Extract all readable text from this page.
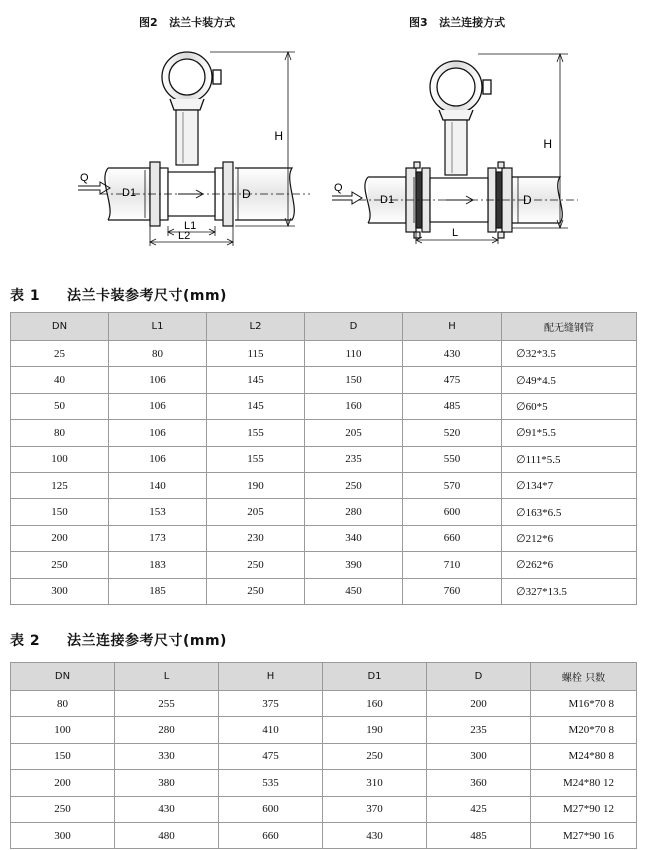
图2   法兰卡装方式	图3   法兰连接方式
H
Q
D1	D
L1
L2
H
Q
D1	D
L
表 1     法兰卡装参考尺寸(mm)
DN	L1	L2	D	H	配无缝钢管
25	80	115	110	430	∅32*3.5
40	106	145	150	475	∅49*4.5
50	106	145	160	485	∅60*5
80	106	155	205	520	∅91*5.5
100	106	155	235	550	∅111*5.5
125	140	190	250	570	∅134*7
150	153	205	280	600	∅163*6.5
200	173	230	340	660	∅212*6
250	183	250	390	710	∅262*6
300	185	250	450	760	∅327*13.5
表 2     法兰连接参考尺寸(mm)
DN	L	H	D1	D	螺栓 只数
80	255	375	160	200	M16*70 8
100	280	410	190	235	M20*70 8
150	330	475	250	300	M24*80 8
200	380	535	310	360	M24*80 12
250	430	600	370	425	M27*90 12
300	480	660	430	485	M27*90 16
